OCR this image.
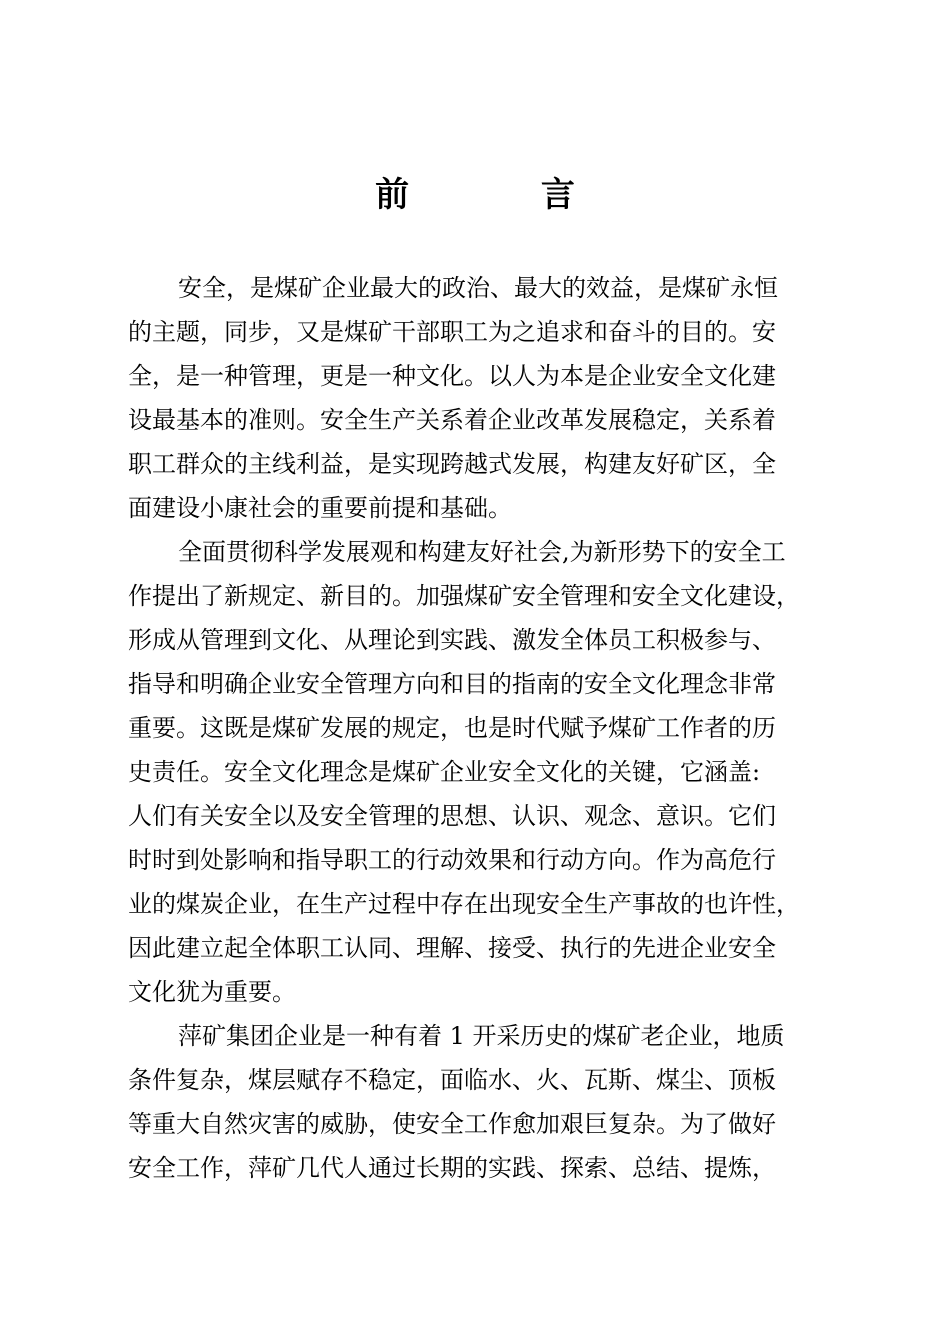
前 言
安全，是煤矿企业最大的政治、最大的效益，是煤矿永恒
的主题，同步，又是煤矿干部职工为之追求和奋斗的目的。安
全，是一种管理，更是一种文化。以人为本是企业安全文化建
设最基本的准则。安全生产关系着企业改革发展稳定，关系着
职工群众的主线利益，是实现跨越式发展，构建友好矿区，全
面建设小康社会的重要前提和基础。
全面贯彻科学发展观和构建友好社会,为新形势下的安全工
作提出了新规定、新目的。加强煤矿安全管理和安全文化建设，
形成从管理到文化、从理论到实践、激发全体员工积极参与、
指导和明确企业安全管理方向和目的指南的安全文化理念非常
重要。这既是煤矿发展的规定，也是时代赋予煤矿工作者的历
史责任。安全文化理念是煤矿企业安全文化的关键，它涵盖:
人们有关安全以及安全管理的思想、认识、观念、意识。它们
时时到处影响和指导职工的行动效果和行动方向。作为高危行
业的煤炭企业，在生产过程中存在出现安全生产事故的也许性，
因此建立起全体职工认同、理解、接受、执行的先进企业安全
文化犹为重要。
萍矿集团企业是一种有着 1 开采历史的煤矿老企业，地质
条件复杂，煤层赋存不稳定，面临水、火、瓦斯、煤尘、顶板
等重大自然灾害的威胁，使安全工作愈加艰巨复杂。为了做好
安全工作，萍矿几代人通过长期的实践、探索、总结、提炼，
